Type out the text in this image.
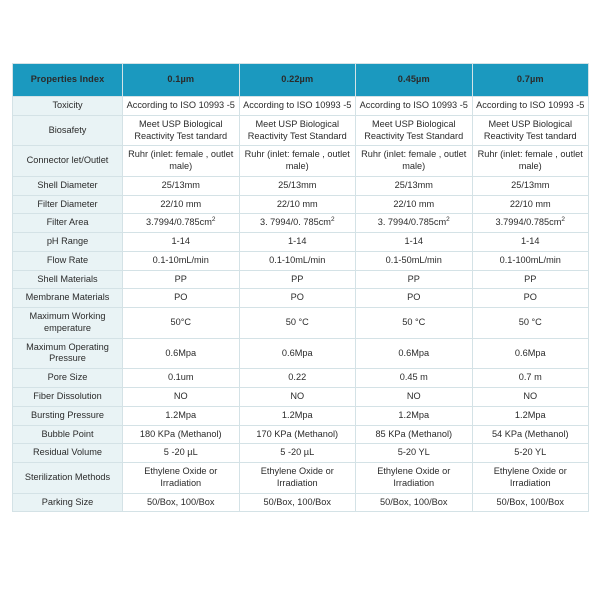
Properties Index	0.1µm	0.22µm	0.45µm	0.7µm
Toxicity	According to ISO 10993 -5	According to ISO 10993 -5	According to ISO 10993 -5	According to ISO 10993 -5
Biosafety	Meet USP Biological Reactivity Test tandard	Meet USP Biological Reactivity Test Standard	Meet USP Biological Reactivity Test Standard	Meet USP Biological Reactivity Test tandard
Connector let/Outlet	Ruhr (inlet: female , outlet male)	Ruhr (inlet: female , outlet male)	Ruhr (inlet: female , outlet male)	Ruhr (inlet: female , outlet male)
Shell Diameter	25/13mm	25/13mm	25/13mm	25/13mm
Filter Diameter	22/10 mm	22/10 mm	22/10 mm	22/10 mm
Filter Area	$3.7994/0.785cm^2$	3. 7994/0. $785cm^2$	3. $7994/0.785cm^2$	$3.7994/0.785cm^2$
pH Range	1-14	1-14	1-14	1-14
Flow Rate	0.1-10mL/min	0.1-10mL/min	0.1-50mL/min	0.1-100mL/min
Shell Materials	PP	PP	PP	PP
Membrane Materials	PO	PO	PO	PO
Maximum Working emperature	50°C	50 °C	50 °C	50 °C
Maximum Operating Pressure	0.6Mpa	0.6Mpa	0.6Mpa	0.6Mpa
Pore Size	0.1um	0.22	0.45 m	0.7 m
Fiber Dissolution	NO	NO	NO	NO
Bursting Pressure	1.2Mpa	1.2Mpa	1.2Mpa	1.2Mpa
Bubble Point	180 KPa (Methanol)	170 KPa (Methanol)	85 KPa (Methanol)	54 KPa (Methanol)
Residual Volume	5 -20 µL	5 -20 µL	5-20 YL	5-20 YL
Sterilization Methods	Ethylene Oxide or Irradiation	Ethylene Oxide or Irradiation	Ethylene Oxide or Irradiation	Ethylene Oxide or Irradiation
Parking Size	50/Box, 100/Box	50/Box, 100/Box	50/Box, 100/Box	50/Box, 100/Box
